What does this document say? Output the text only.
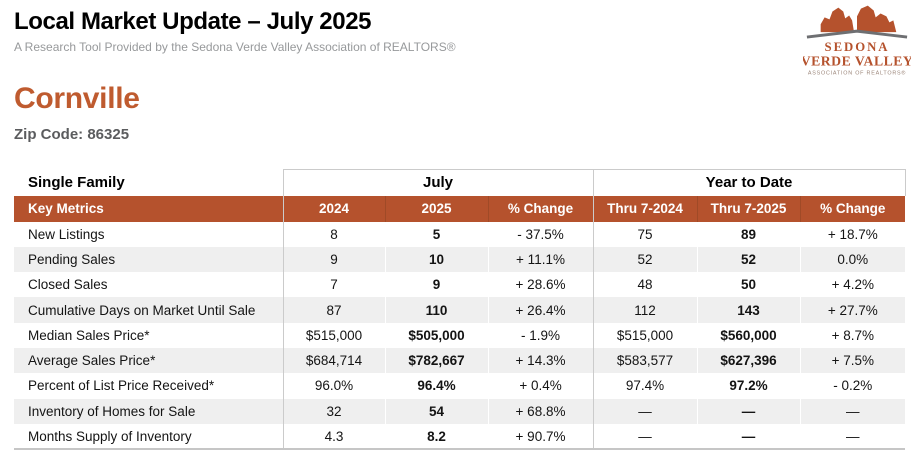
Local Market Update – July 2025
A Research Tool Provided by the Sedona Verde Valley Association of REALTORS®	SEDONA
VERDE VALLEY
ASSOCIATION OF REALTORS®
Cornville
Zip Code: 86325
Single Family	July			Year to Date		
Key Metrics	2024	2025	% Change	Thru 7-2024	Thru 7-2025	% Change
New Listings	8	5	- 37.5%	75	89	+ 18.7%
Pending Sales	9	10	+ 11.1%	52	52	0.0%
Closed Sales	7	9	+ 28.6%	48	50	+ 4.2%
Cumulative Days on Market Until Sale	87	110	+ 26.4%	112	143	+ 27.7%
Median Sales Price*	$515,000	$505,000	- 1.9%	$515,000	$560,000	+ 8.7%
Average Sales Price*	$684,714	$782,667	+ 14.3%	$583,577	$627,396	+ 7.5%
Percent of List Price Received*	96.0%	96.4%	+ 0.4%	97.4%	97.2%	- 0.2%
Inventory of Homes for Sale	32	54	+ 68.8%	—	—	—
Months Supply of Inventory	4.3	8.2	+ 90.7%	—	—	—
